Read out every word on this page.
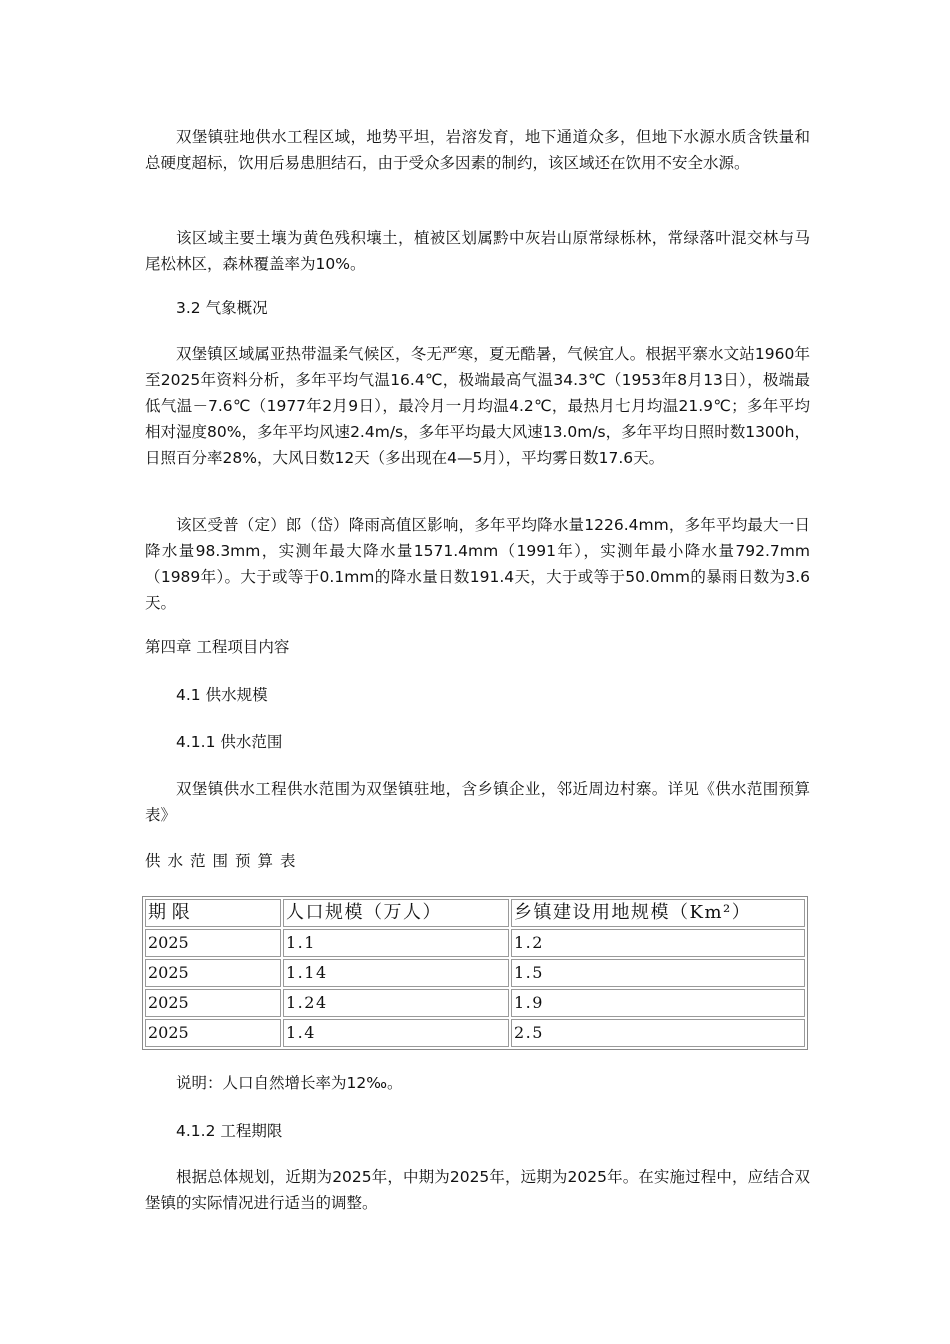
双堡镇驻地供水工程区域，地势平坦，岩溶发育，地下通道众多，但地下水源水质含铁量和总硬度超标，饮用后易患胆结石，由于受众多因素的制约，该区域还在饮用不安全水源。

该区域主要土壤为黄色残积壤土，植被区划属黔中灰岩山原常绿栎林，常绿落叶混交林与马尾松林区，森林覆盖率为10%。

3.2 气象概况

双堡镇区域属亚热带温柔气候区，冬无严寒，夏无酷暑，气候宜人。根据平寨水文站1960年至2025年资料分析，多年平均气温16.4℃，极端最高气温34.3℃（1953年8月13日），极端最低气温－7.6℃（1977年2月9日），最冷月一月均温4.2℃，最热月七月均温21.9℃；多年平均相对湿度80%，多年平均风速2.4m/s，多年平均最大风速13.0m/s，多年平均日照时数1300h，日照百分率28%，大风日数12天（多出现在4—5月），平均雾日数17.6天。

该区受普（定）郎（岱）降雨高值区影响，多年平均降水量1226.4mm，多年平均最大一日降水量98.3mm，实测年最大降水量1571.4mm（1991年），实测年最小降水量792.7mm（1989年）。大于或等于0.1mm的降水量日数191.4天，大于或等于50.0mm的暴雨日数为3.6天。

第四章 工程项目内容

4.1 供水规模

4.1.1 供水范围

双堡镇供水工程供水范围为双堡镇驻地，含乡镇企业，邻近周边村寨。详见《供水范围预算表》

供水范围预算表

期 限	人口规模（万人）	乡镇建设用地规模（Km²）
2025	1.1	1.2
2025	1.14	1.5
2025	1.24	1.9
2025	1.4	2.5

说明：人口自然增长率为12‰。

4.1.2 工程期限

根据总体规划，近期为2025年，中期为2025年，远期为2025年。在实施过程中，应结合双堡镇的实际情况进行适当的调整。
